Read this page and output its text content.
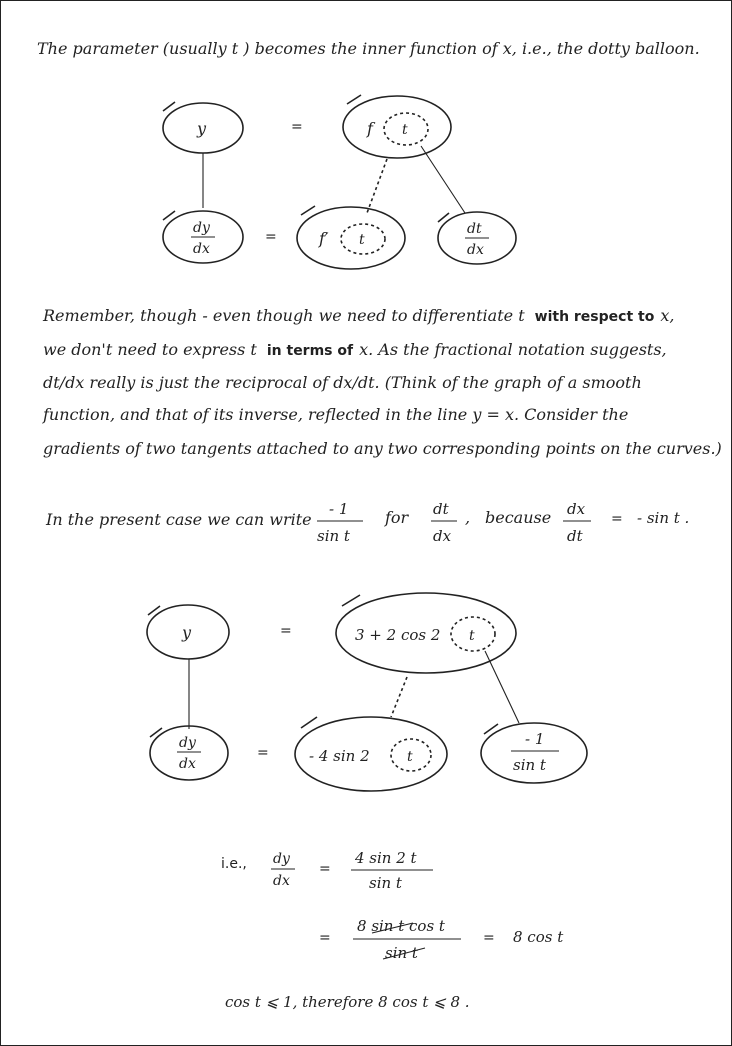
The parameter (usually t ) becomes the inner function of x, i.e., the dotty balloon.
y	=	f t
dy
dx
=	f′ t
dt
dx
Remember, though - even though we need to differentiate t with respect to x,
we don't need to express t in terms of x. As the fractional notation suggests,
dt/dx really is just the reciprocal of dx/dt. (Think of the graph of a smooth
function, and that of its inverse, reflected in the line y = x. Consider the
gradients of two tangents attached to any two corresponding points on the curves.)
In the present case we can write
- 1
sin t
for dt
dx
, because dx
dt
= - sin t .
y	=	3 + 2 cos 2 t
dy
dx
=	- 4 sin 2	t
- 1
sin t
i.e., dy
dx
=
4 sin 2 t
sin t
=
8 sin t cos t
sin t
= 8 cos t
cos t ⩽ 1, therefore 8 cos t ⩽ 8 .
